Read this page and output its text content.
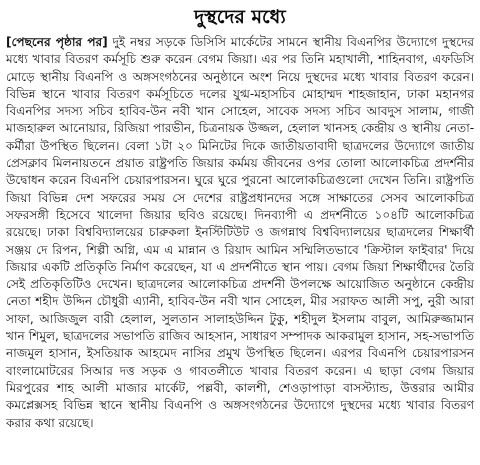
দুস্থদের মধ্যে

[পেছনের পৃষ্ঠার পর] দুই নম্বর সড়কে ডিসিসি মার্কেটের সামনে স্থানীয় বিএনপির উদ্যোগে দুস্থদের মধ্যে খাবার বিতরণ কর্মসূচি শুরু করেন বেগম জিয়া। এর পর তিনি মহাখালী, শাহিনবাগ, এফডিসি মোড়ে স্থানীয় বিএনপি ও অঙ্গসংগঠনের অনুষ্ঠানে অংশ নিয়ে দুস্থদের মধ্যে খাবার বিতরণ করেন। বিভিন্ন স্থানে খাবার বিতরণ কর্মসূচিতে দলের যুগ্ম-মহাসচিব মোহাম্মদ শাহজাহান, ঢাকা মহানগর বিএনপির সদস্য সচিব হাবিব-উন নবী খান সোহেল, সাবেক সদস্য সচিব আবদুস সালাম, গাজী মাজহারুল আনোয়ার, রিজিয়া পারভীন, চিত্রনায়ক উজ্জল, হেলাল খানসহ কেন্দ্রীয় ও স্থানীয় নেতা-কর্মীরা উপস্থিত ছিলেন। বেলা ১টা ২০ মিনিটের দিকে জাতীয়তাবাদী ছাত্রদলের উদ্যোগে জাতীয় প্রেসক্লাব মিলনায়তনে প্রয়াত রাষ্ট্রপতি জিয়ার কর্মময় জীবনের ওপর তোলা আলোকচিত্র প্রদর্শনীর উদ্বোধন করেন বিএনপি চেয়ারপারসন। ঘুরে ঘুরে পুরনো আলোকচিত্রগুলো দেখেন তিনি। রাষ্ট্রপতি জিয়া বিভিন্ন দেশ সফরের সময় সে দেশের রাষ্ট্রপ্রধানদের সঙ্গে সাক্ষাতের সেসব আলোকচিত্র সফরসঙ্গী হিসেবে খালেদা জিয়ার ছবিও রয়েছে। দিনব্যাপী এ প্রদর্শনীতে ১০৪টি আলোকচিত্র রয়েছে। ঢাকা বিশ্ববিদ্যালয়ের চারুকলা ইনস্টিটিউট ও জগন্নাথ বিশ্ববিদ্যালয়ের ছাত্রদলের শিক্ষার্থী সঞ্জয় দে রিপন, শিল্পী অগ্নি, এম এ মান্নান ও রিয়াদ আমিন সম্মিলিতভাবে 'ক্রিস্টাল ফাইবার' দিয়ে জিয়ার একটি প্রতিকৃতি নির্মাণ করেছেন, যা এ প্রদর্শনীতে স্থান পায়। বেগম জিয়া শিক্ষার্থীদের তৈরি সেই প্রতিকৃতিটিও দেখেন। ছাত্রদলের আলোকচিত্র প্রদর্শনী উপলক্ষে আয়োজিত অনুষ্ঠানে কেন্দ্রীয় নেতা শহীদ উদ্দিন চৌধুরী এ্যানী, হাবিব-উন নবী খান সোহেল, মীর সরাফত আলী সপু, নুরী আরা সাফা, আজিজুল বারী হেলাল, সুলতান সালাহউদ্দিন টুকু, শহীদুল ইসলাম বাবুল, আমিরুজ্জামান খান শিমুল, ছাত্রদলের সভাপতি রাজিব আহসান, সাধারণ সম্পাদক আকরামুল হাসান, সহ-সভাপতি নাজমুল হাসান, ইসতিয়াক আহমেদ নাসির প্রমুখ উপস্থিত ছিলেন। এরপর বিএনপি চেয়ারপারসন বাংলামোটরের সিআর দত্ত সড়ক ও গাবতলীতে খাবার বিতরণ করেন। এ ছাড়া বেগম জিয়ার মিরপুরের শাহ আলী মাজার মার্কেট, পল্লবী, কালশী, শেওড়াপাড়া বাসস্ট্যান্ড, উত্তরার আমীর কমপ্লেক্সসহ বিভিন্ন স্থানে স্থানীয় বিএনপি ও অঙ্গসংগঠনের উদ্যোগে দুস্থদের মধ্যে খাবার বিতরণ করার কথা রয়েছে।
